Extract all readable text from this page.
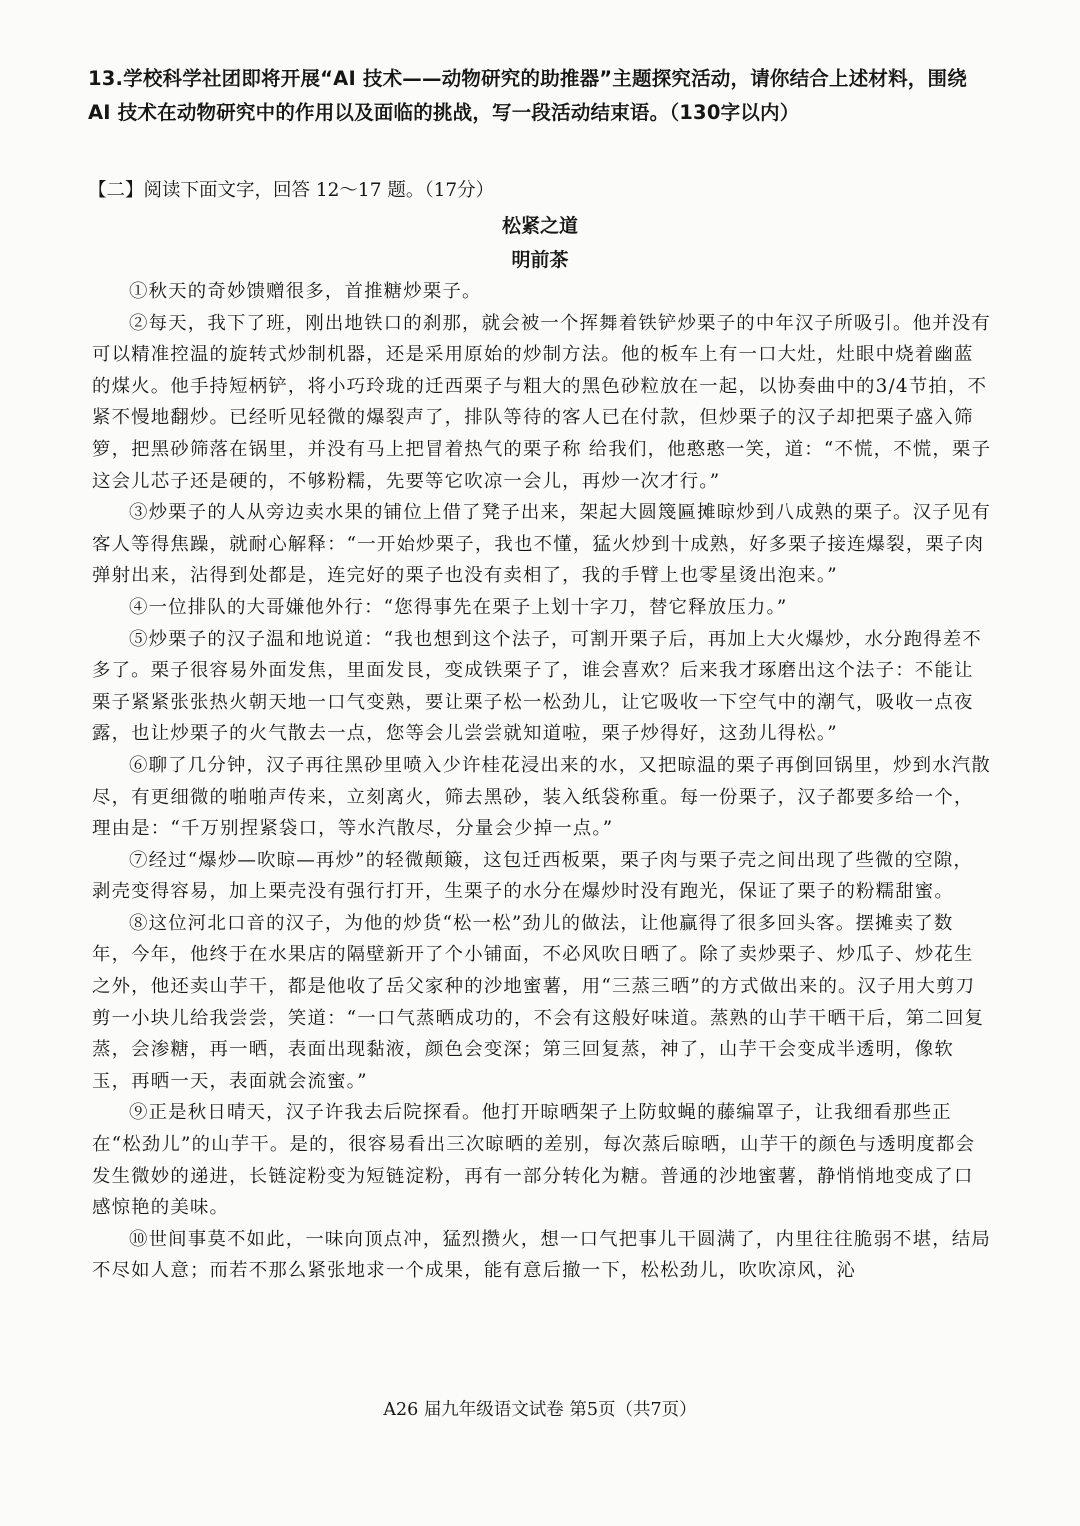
13.学校科学社团即将开展“AI 技术——动物研究的助推器”主题探究活动，请你结合上述材料，围绕
AI 技术在动物研究中的作用以及面临的挑战，写一段活动结束语。（130字以内）
【二】阅读下面文字，回答 12～17 题。（17分）
松紧之道
明前茶

①秋天的奇妙馈赠很多，首推糖炒栗子。

②每天，我下了班，刚出地铁口的刹那，就会被一个挥舞着铁铲炒栗子的中年汉子所吸引。他并没有可以精准控温的旋转式炒制机器，还是采用原始的炒制方法。他的板车上有一口大灶，灶眼中烧着幽蓝的煤火。他手持短柄铲，将小巧玲珑的迁西栗子与粗大的黑色砂粒放在一起，以协奏曲中的3/4节拍，不紧不慢地翻炒。已经听见轻微的爆裂声了，排队等待的客人已在付款，但炒栗子的汉子却把栗子盛入筛箩，把黑砂筛落在锅里，并没有马上把冒着热气的栗子称 给我们，他憨憨一笑，道：“不慌，不慌，栗子这会儿芯子还是硬的，不够粉糯，先要等它吹凉一会儿，再炒一次才行。”

③炒栗子的人从旁边卖水果的铺位上借了凳子出来，架起大圆篾匾摊晾炒到八成熟的栗子。汉子见有客人等得焦躁，就耐心解释：“一开始炒栗子，我也不懂，猛火炒到十成熟，好多栗子接连爆裂，栗子肉弹射出来，沾得到处都是，连完好的栗子也没有卖相了，我的手臂上也零星烫出泡来。”

④一位排队的大哥嫌他外行：“您得事先在栗子上划十字刀，替它释放压力。”

⑤炒栗子的汉子温和地说道：“我也想到这个法子，可割开栗子后，再加上大火爆炒，水分跑得差不多了。栗子很容易外面发焦，里面发艮，变成铁栗子了，谁会喜欢？后来我才琢磨出这个法子：不能让栗子紧紧张张热火朝天地一口气变熟，要让栗子松一松劲儿，让它吸收一下空气中的潮气，吸收一点夜露，也让炒栗子的火气散去一点，您等会儿尝尝就知道啦，栗子炒得好，这劲儿得松。”

⑥聊了几分钟，汉子再往黑砂里喷入少许桂花浸出来的水，又把晾温的栗子再倒回锅里，炒到水汽散尽，有更细微的啪啪声传来，立刻离火，筛去黑砂，装入纸袋称重。每一份栗子，汉子都要多给一个，理由是：“千万别捏紧袋口，等水汽散尽，分量会少掉一点。”

⑦经过“爆炒—吹晾—再炒”的轻微颠簸，这包迁西板栗，栗子肉与栗子壳之间出现了些微的空隙，剥壳变得容易，加上栗壳没有强行打开，生栗子的水分在爆炒时没有跑光，保证了栗子的粉糯甜蜜。

⑧这位河北口音的汉子，为他的炒货“松一松”劲儿的做法，让他赢得了很多回头客。摆摊卖了数年，今年，他终于在水果店的隔壁新开了个小铺面，不必风吹日晒了。除了卖炒栗子、炒瓜子、炒花生之外，他还卖山芋干，都是他收了岳父家种的沙地蜜薯，用“三蒸三晒”的方式做出来的。汉子用大剪刀剪一小块儿给我尝尝，笑道：“一口气蒸晒成功的，不会有这般好味道。蒸熟的山芋干晒干后，第二回复蒸，会渗糖，再一晒，表面出现黏液，颜色会变深；第三回复蒸，神了，山芋干会变成半透明，像软玉，再晒一天，表面就会流蜜。”

⑨正是秋日晴天，汉子许我去后院探看。他打开晾晒架子上防蚊蝇的藤编罩子，让我细看那些正在“松劲儿”的山芋干。是的，很容易看出三次晾晒的差别，每次蒸后晾晒，山芋干的颜色与透明度都会发生微妙的递进，长链淀粉变为短链淀粉，再有一部分转化为糖。普通的沙地蜜薯，静悄悄地变成了口感惊艳的美味。

⑩世间事莫不如此，一味向顶点冲，猛烈攒火，想一口气把事儿干圆满了，内里往往脆弱不堪，结局不尽如人意；而若不那么紧张地求一个成果，能有意后撤一下，松松劲儿，吹吹凉风，沁

A26 届九年级语文试卷 第5页（共7页）
